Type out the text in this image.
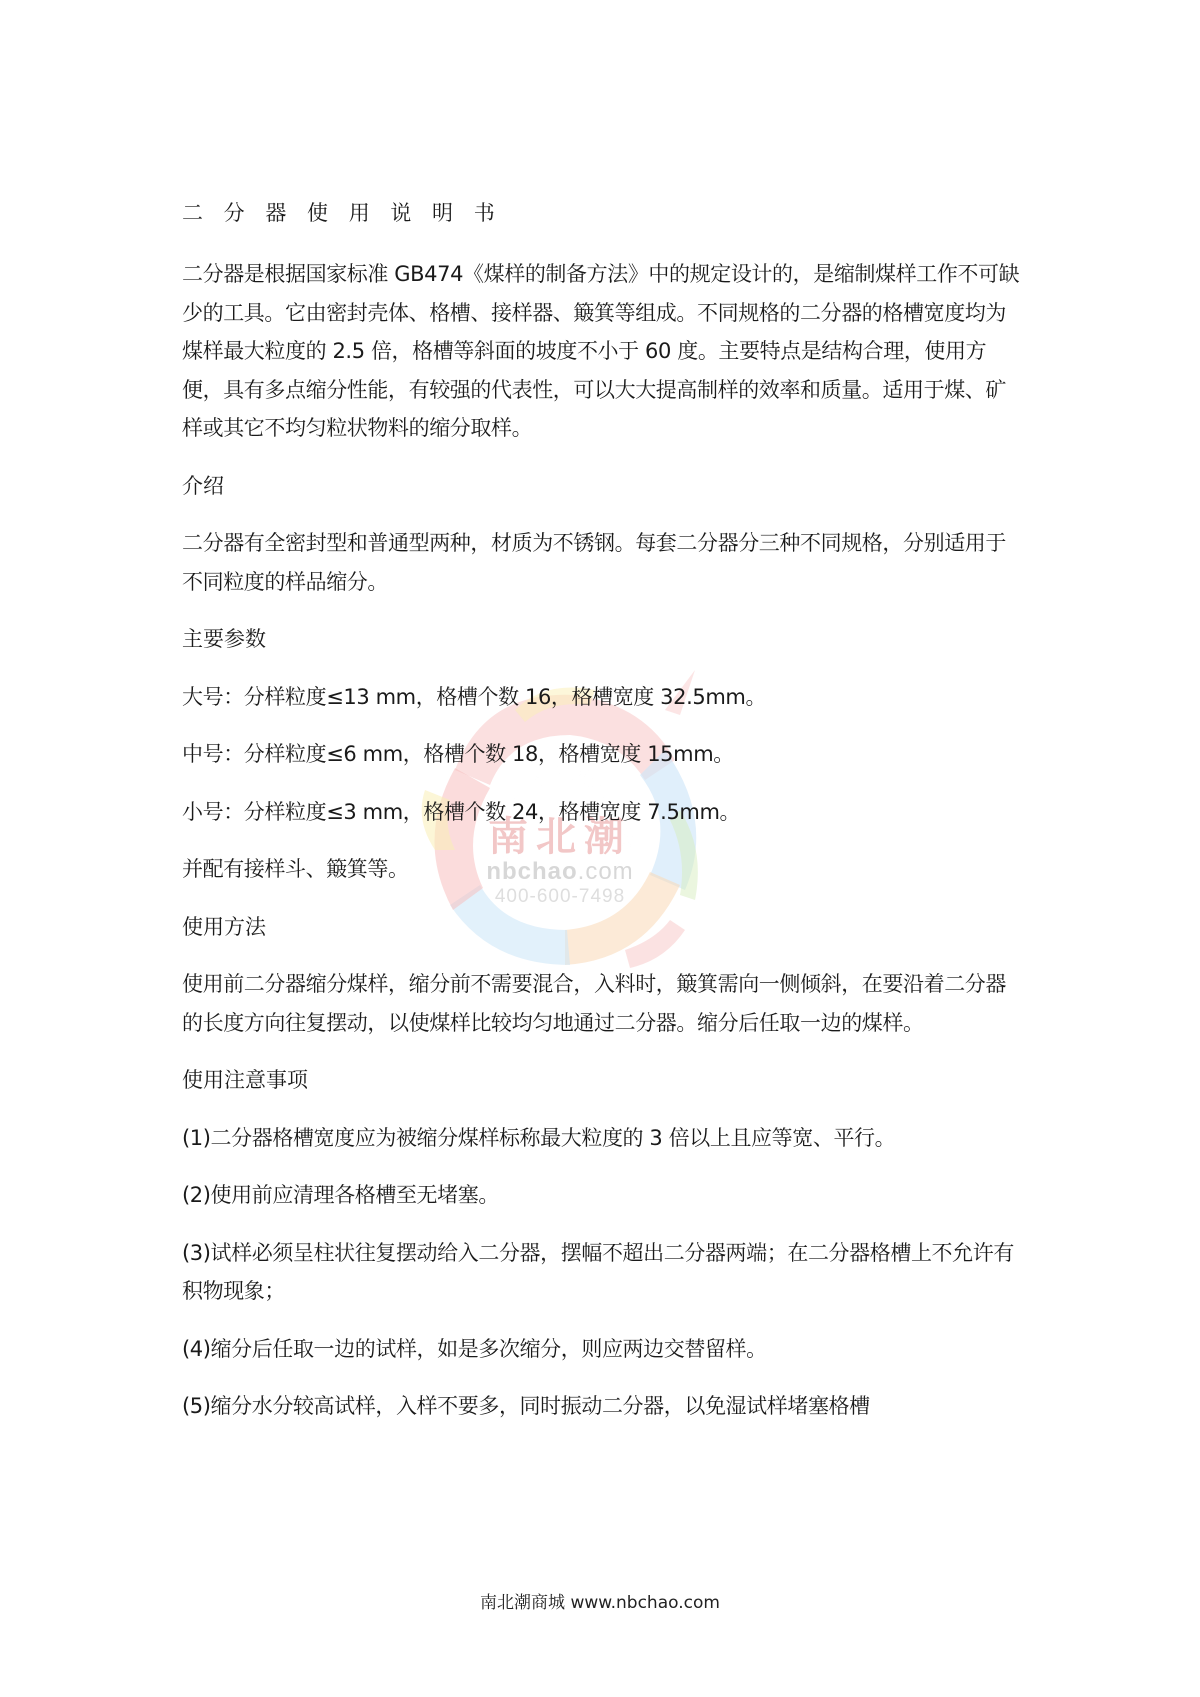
南北潮
nbchao.com
400-600-7498
二 分 器 使 用 说 明 书

二分器是根据国家标准 GB474《煤样的制备方法》中的规定设计的，是缩制煤样工作不可缺少的工具。它由密封壳体、格槽、接样器、簸箕等组成。不同规格的二分器的格槽宽度均为煤样最大粒度的 2.5 倍，格槽等斜面的坡度不小于 60 度。主要特点是结构合理，使用方便，具有多点缩分性能，有较强的代表性，可以大大提高制样的效率和质量。适用于煤、矿样或其它不均匀粒状物料的缩分取样。

介绍

二分器有全密封型和普通型两种，材质为不锈钢。每套二分器分三种不同规格，分别适用于不同粒度的样品缩分。

主要参数

大号：分样粒度≤13 mm，格槽个数 16，格槽宽度 32.5mm。

中号：分样粒度≤6 mm，格槽个数 18，格槽宽度 15mm。

小号：分样粒度≤3 mm，格槽个数 24，格槽宽度 7.5mm。

并配有接样斗、簸箕等。

使用方法

使用前二分器缩分煤样，缩分前不需要混合，入料时，簸箕需向一侧倾斜，在要沿着二分器的长度方向往复摆动，以使煤样比较均匀地通过二分器。缩分后任取一边的煤样。

使用注意事项

(1)二分器格槽宽度应为被缩分煤样标称最大粒度的 3 倍以上且应等宽、平行。

(2)使用前应清理各格槽至无堵塞。

(3)试样必须呈柱状往复摆动给入二分器，摆幅不超出二分器两端；在二分器格槽上不允许有积物现象；

(4)缩分后任取一边的试样，如是多次缩分，则应两边交替留样。

(5)缩分水分较高试样，入样不要多，同时振动二分器，以免湿试样堵塞格槽

南北潮商城 www.nbchao.com
